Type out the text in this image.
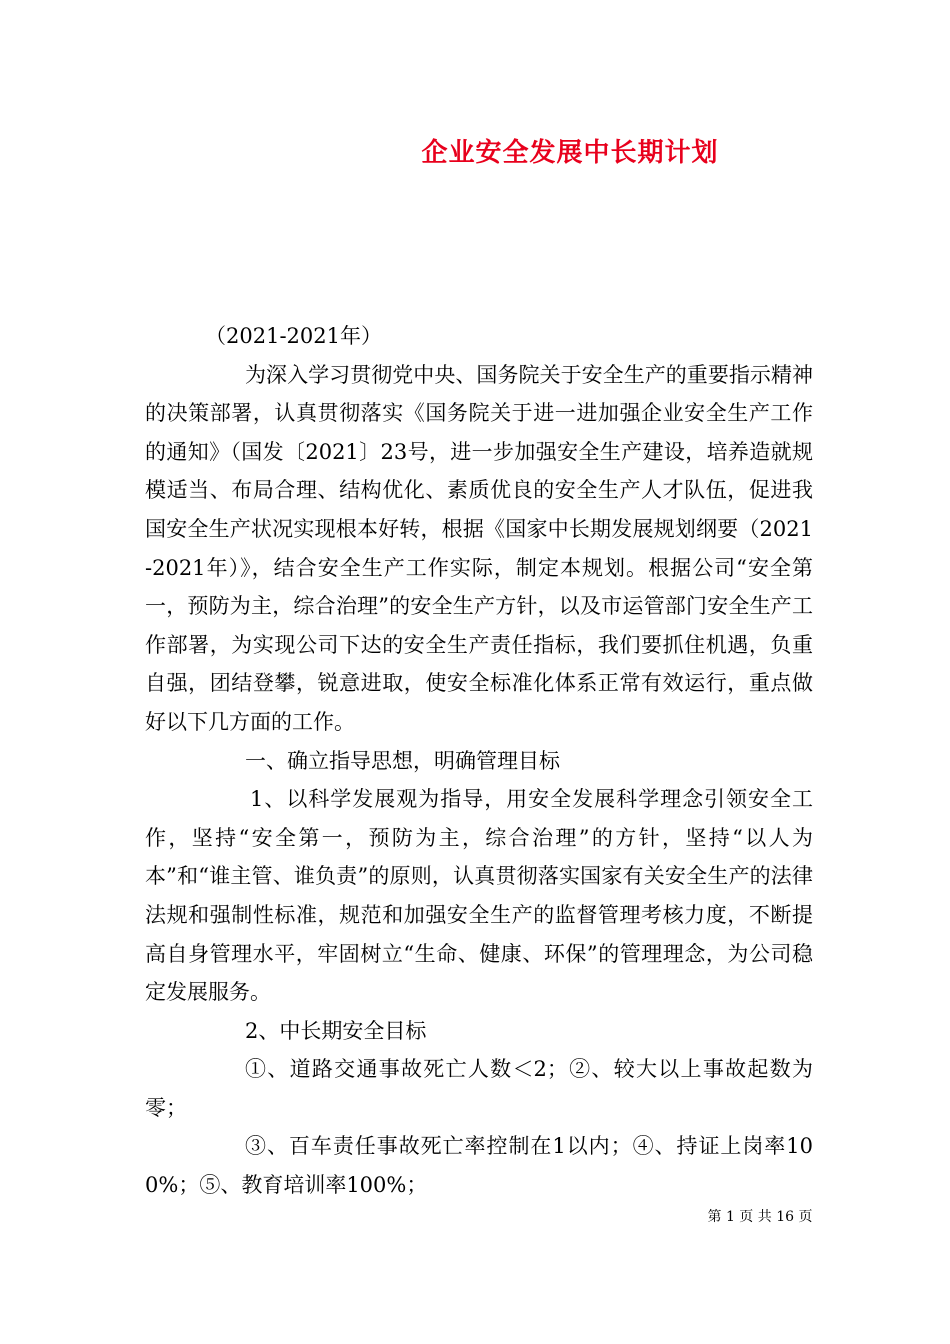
企业安全发展中长期计划

（2021-2021年）

为深入学习贯彻党中央、国务院关于安全生产的重要指示精神的决策部署，认真贯彻落实《国务院关于进一进加强企业安全生产工作的通知》（国发〔2021〕23号，进一步加强安全生产建设，培养造就规模适当、布局合理、结构优化、素质优良的安全生产人才队伍，促进我国安全生产状况实现根本好转，根据《国家中长期发展规划纲要（2021-2021年）》，结合安全生产工作实际，制定本规划。根据公司“安全第一，预防为主，综合治理”的安全生产方针，以及市运管部门安全生产工作部署，为实现公司下达的安全生产责任指标，我们要抓住机遇，负重自强，团结登攀，锐意进取，使安全标准化体系正常有效运行，重点做好以下几方面的工作。

一、确立指导思想，明确管理目标

1、以科学发展观为指导，用安全发展科学理念引领安全工作，坚持“安全第一，预防为主，综合治理”的方针，坚持“以人为本”和“谁主管、谁负责”的原则，认真贯彻落实国家有关安全生产的法律法规和强制性标准，规范和加强安全生产的监督管理考核力度，不断提高自身管理水平，牢固树立“生命、健康、环保”的管理理念，为公司稳定发展服务。

2、中长期安全目标

①、道路交通事故死亡人数＜2；②、较大以上事故起数为零；

③、百车责任事故死亡率控制在1以内；④、持证上岗率100%；⑤、教育培训率100%；

第 1 页 共 16 页
